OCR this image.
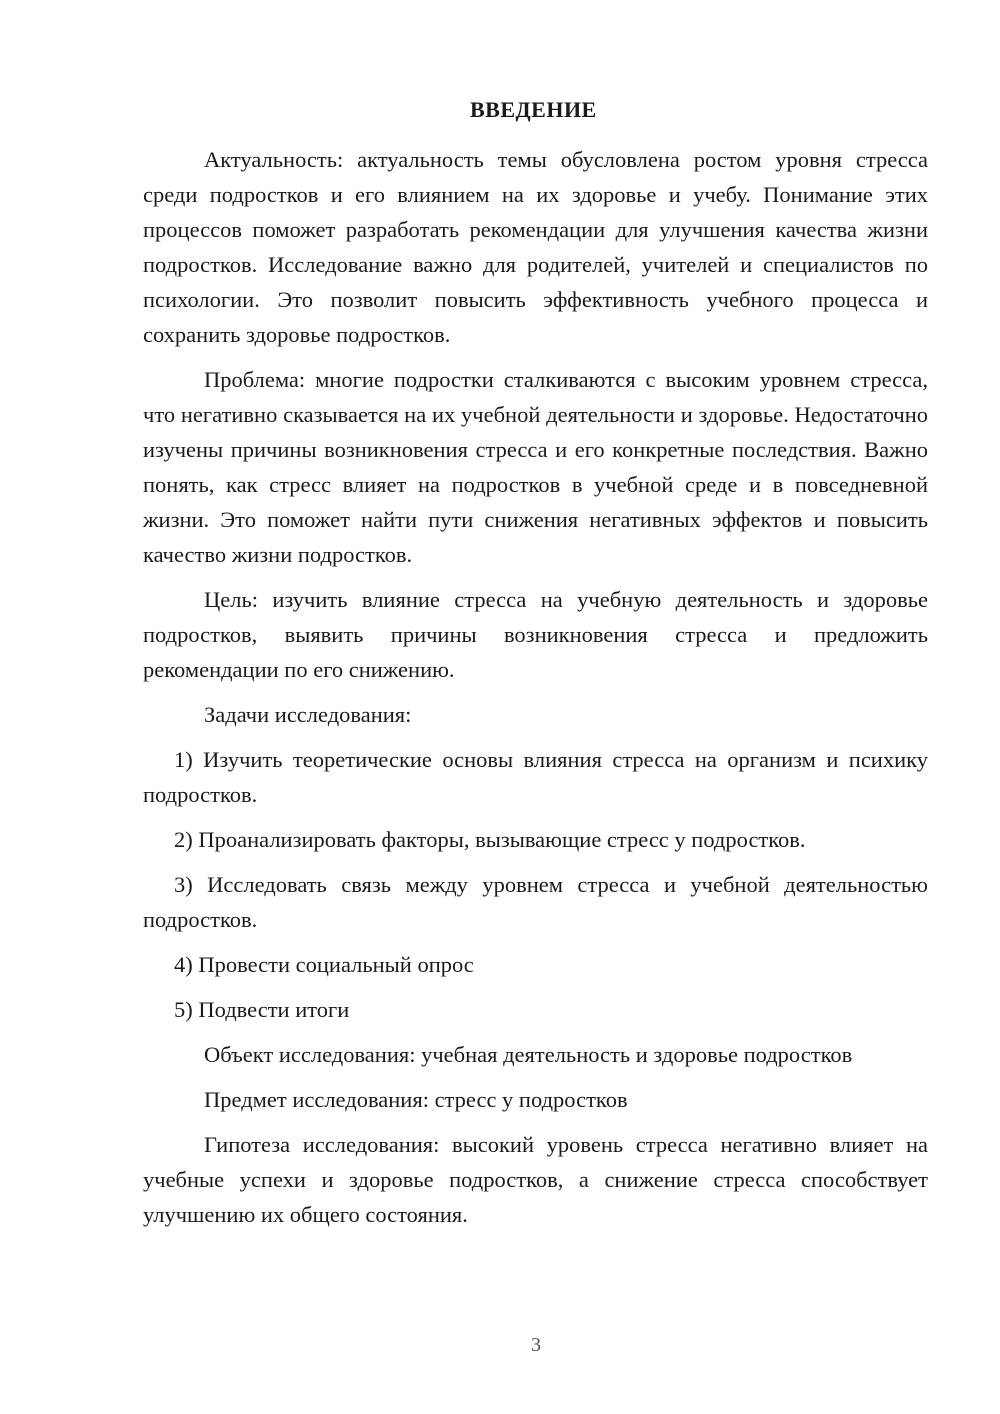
ВВЕДЕНИЕ

Актуальность: актуальность темы обусловлена ростом уровня стресса среди подростков и его влиянием на их здоровье и учебу. Понимание этих процессов поможет разработать рекомендации для улучшения качества жизни подростков. Исследование важно для родителей, учителей и специалистов по психологии. Это позволит повысить эффективность учебного процесса и сохранить здоровье подростков.

Проблема: многие подростки сталкиваются с высоким уровнем стресса, что негативно сказывается на их учебной деятельности и здоровье. Недостаточно изучены причины возникновения стресса и его конкретные последствия. Важно понять, как стресс влияет на подростков в учебной среде и в повседневной жизни. Это поможет найти пути снижения негативных эффектов и повысить качество жизни подростков.

Цель: изучить влияние стресса на учебную деятельность и здоровье подростков, выявить причины возникновения стресса и предложить рекомендации по его снижению.

Задачи исследования:

1) Изучить теоретические основы влияния стресса на организм и психику подростков.

2) Проанализировать факторы, вызывающие стресс у подростков.

3) Исследовать связь между уровнем стресса и учебной деятельностью подростков.

4) Провести социальный опрос

5) Подвести итоги

Объект исследования: учебная деятельность и здоровье подростков

Предмет исследования: стресс у подростков

Гипотеза исследования: высокий уровень стресса негативно влияет на учебные успехи и здоровье подростков, а снижение стресса способствует улучшению их общего состояния.

3
